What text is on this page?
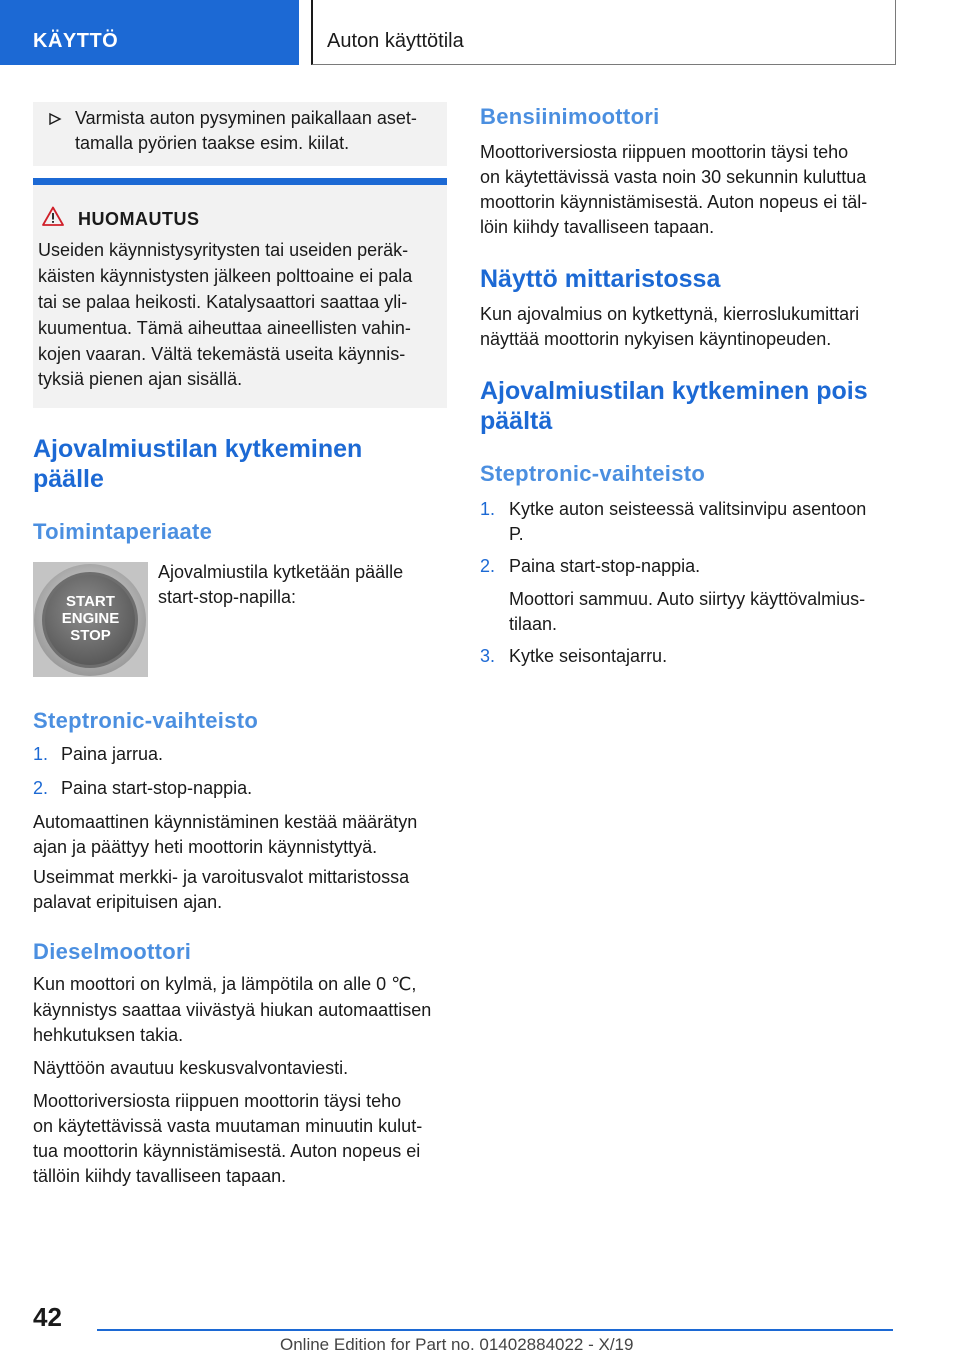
KÄYTTÖ	Auton käyttötila
Varmista auton pysyminen paikallaan aset-
tamalla pyörien taakse esim. kiilat.
HUOMAUTUS
Useiden käynnistysyritysten tai useiden peräk-
käisten käynnistysten jälkeen polttoaine ei pala
tai se palaa heikosti. Katalysaattori saattaa yli-
kuumentua. Tämä aiheuttaa aineellisten vahin-
kojen vaaran. Vältä tekemästä useita käynnis-
tyksiä pienen ajan sisällä.
Ajovalmiustilan kytkeminen
päälle
Toimintaperiaate
Ajovalmiustila kytketään päälle
start-stop-napilla:
START
ENGINE
STOP
Steptronic-vaihteisto
1. Paina jarrua.
2. Paina start-stop-nappia.
Automaattinen käynnistäminen kestää määrätyn
ajan ja päättyy heti moottorin käynnistyttyä.
Useimmat merkki- ja varoitusvalot mittaristossa
palavat eripituisen ajan.
Dieselmoottori
Kun moottori on kylmä, ja lämpötila on alle 0 ℃,
käynnistys saattaa viivästyä hiukan automaattisen
hehkutuksen takia.
Näyttöön avautuu keskusvalvontaviesti.
Moottoriversiosta riippuen moottorin täysi teho
on käytettävissä vasta muutaman minuutin kulut-
tua moottorin käynnistämisestä. Auton nopeus ei
tällöin kiihdy tavalliseen tapaan.
Bensiinimoottori
Moottoriversiosta riippuen moottorin täysi teho
on käytettävissä vasta noin 30 sekunnin kuluttua
moottorin käynnistämisestä. Auton nopeus ei täl-
löin kiihdy tavalliseen tapaan.
Näyttö mittaristossa
Kun ajovalmius on kytkettynä, kierroslukumittari
näyttää moottorin nykyisen käyntinopeuden.
Ajovalmiustilan kytkeminen pois
päältä
Steptronic-vaihteisto
1. Kytke auton seisteessä valitsinvipu asentoon
P.
2. Paina start-stop-nappia.
Moottori sammuu. Auto siirtyy käyttövalmius-
tilaan.
3. Kytke seisontajarru.
42
Online Edition for Part no. 01402884022 - X/19
